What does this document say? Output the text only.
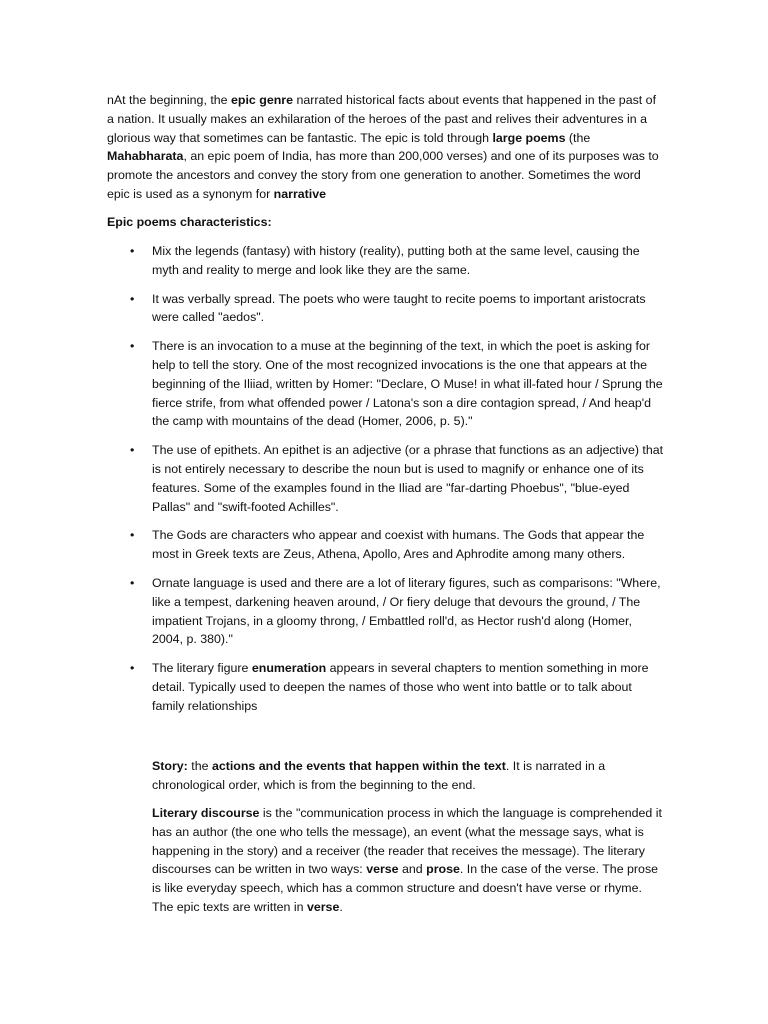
nAt the beginning, the epic genre narrated historical facts about events that happened in the past of a nation. It usually makes an exhilaration of the heroes of the past and relives their adventures in a glorious way that sometimes can be fantastic. The epic is told through large poems (the Mahabharata, an epic poem of India, has more than 200,000 verses) and one of its purposes was to promote the ancestors and convey the story from one generation to another. Sometimes the word epic is used as a synonym for narrative

Epic poems characteristics:

• Mix the legends (fantasy) with history (reality), putting both at the same level, causing the myth and reality to merge and look like they are the same.
• It was verbally spread. The poets who were taught to recite poems to important aristocrats were called "aedos".
• There is an invocation to a muse at the beginning of the text, in which the poet is asking for help to tell the story. One of the most recognized invocations is the one that appears at the beginning of the Iliiad, written by Homer: "Declare, O Muse! in what ill-fated hour / Sprung the fierce strife, from what offended power / Latona's son a dire contagion spread, / And heap'd the camp with mountains of the dead (Homer, 2006, p. 5)."
• The use of epithets. An epithet is an adjective (or a phrase that functions as an adjective) that is not entirely necessary to describe the noun but is used to magnify or enhance one of its features. Some of the examples found in the Iliad are "far-darting Phoebus", "blue-eyed Pallas" and "swift-footed Achilles".
• The Gods are characters who appear and coexist with humans. The Gods that appear the most in Greek texts are Zeus, Athena, Apollo, Ares and Aphrodite among many others.
• Ornate language is used and there are a lot of literary figures, such as comparisons: "Where, like a tempest, darkening heaven around, / Or fiery deluge that devours the ground, / The impatient Trojans, in a gloomy throng, / Embattled roll'd, as Hector rush'd along (Homer, 2004, p. 380)."
• The literary figure enumeration appears in several chapters to mention something in more detail. Typically used to deepen the names of those who went into battle or to talk about family relationships

Story: the actions and the events that happen within the text. It is narrated in a chronological order, which is from the beginning to the end.

Literary discourse is the "communication process in which the language is comprehended it has an author (the one who tells the message), an event (what the message says, what is happening in the story) and a receiver (the reader that receives the message). The literary discourses can be written in two ways: verse and prose. In the case of the verse. The prose is like everyday speech, which has a common structure and doesn't have verse or rhyme. The epic texts are written in verse.
